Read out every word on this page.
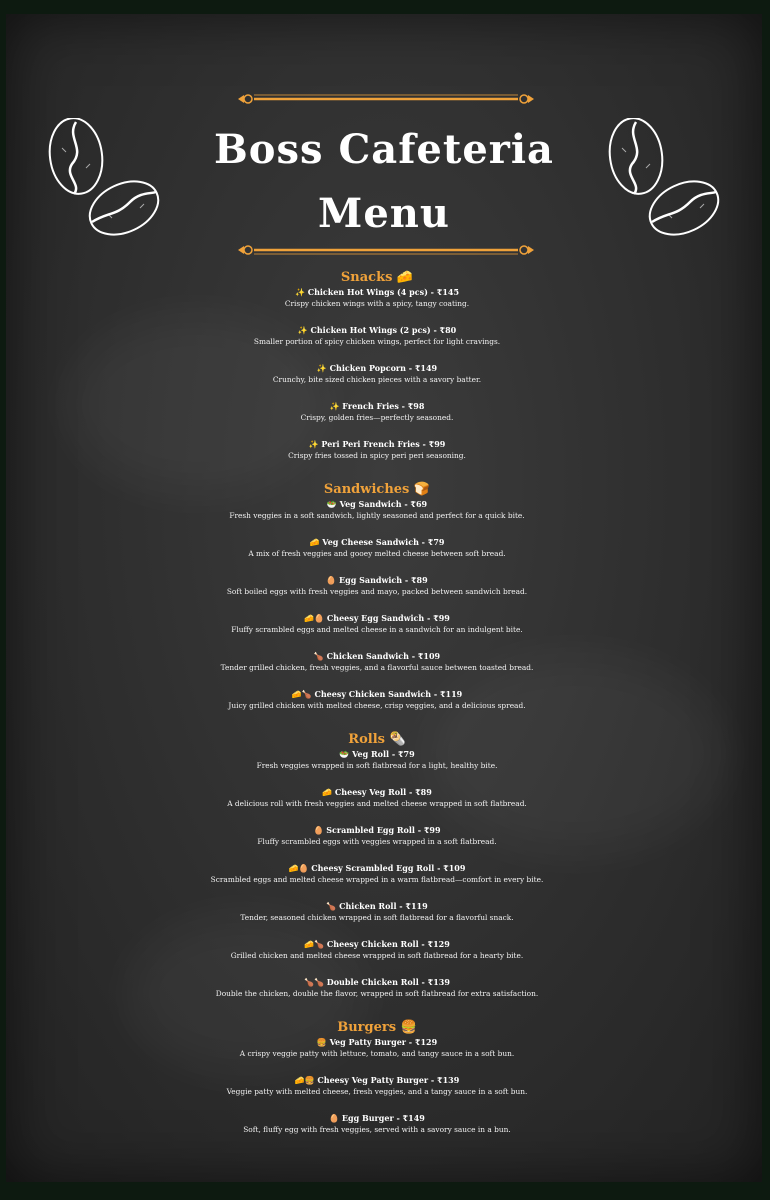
Boss Cafeteria
Menu
Snacks 🧀
✨ Chicken Hot Wings (4 pcs) - ₹145
Crispy chicken wings with a spicy, tangy coating.
✨ Chicken Hot Wings (2 pcs) - ₹80
Smaller portion of spicy chicken wings, perfect for light cravings.
✨ Chicken Popcorn - ₹149
Crunchy, bite sized chicken pieces with a savory batter.
✨ French Fries - ₹98
Crispy, golden fries—perfectly seasoned.
✨ Peri Peri French Fries - ₹99
Crispy fries tossed in spicy peri peri seasoning.
Sandwiches 🍞
🥗 Veg Sandwich - ₹69
Fresh veggies in a soft sandwich, lightly seasoned and perfect for a quick bite.
🧀 Veg Cheese Sandwich - ₹79
A mix of fresh veggies and gooey melted cheese between soft bread.
🥚 Egg Sandwich - ₹89
Soft boiled eggs with fresh veggies and mayo, packed between sandwich bread.
🧀🥚 Cheesy Egg Sandwich - ₹99
Fluffy scrambled eggs and melted cheese in a sandwich for an indulgent bite.
🍗 Chicken Sandwich - ₹109
Tender grilled chicken, fresh veggies, and a flavorful sauce between toasted bread.
🧀🍗 Cheesy Chicken Sandwich - ₹119
Juicy grilled chicken with melted cheese, crisp veggies, and a delicious spread.
Rolls 🌯
🥗 Veg Roll - ₹79
Fresh veggies wrapped in soft flatbread for a light, healthy bite.
🧀 Cheesy Veg Roll - ₹89
A delicious roll with fresh veggies and melted cheese wrapped in soft flatbread.
🥚 Scrambled Egg Roll - ₹99
Fluffy scrambled eggs with veggies wrapped in a soft flatbread.
🧀🥚 Cheesy Scrambled Egg Roll - ₹109
Scrambled eggs and melted cheese wrapped in a warm flatbread—comfort in every bite.
🍗 Chicken Roll - ₹119
Tender, seasoned chicken wrapped in soft flatbread for a flavorful snack.
🧀🍗 Cheesy Chicken Roll - ₹129
Grilled chicken and melted cheese wrapped in soft flatbread for a hearty bite.
🍗🍗 Double Chicken Roll - ₹139
Double the chicken, double the flavor, wrapped in soft flatbread for extra satisfaction.
Burgers 🍔
🍔 Veg Patty Burger - ₹129
A crispy veggie patty with lettuce, tomato, and tangy sauce in a soft bun.
🧀🍔 Cheesy Veg Patty Burger - ₹139
Veggie patty with melted cheese, fresh veggies, and a tangy sauce in a soft bun.
🥚 Egg Burger - ₹149
Soft, fluffy egg with fresh veggies, served with a savory sauce in a bun.
